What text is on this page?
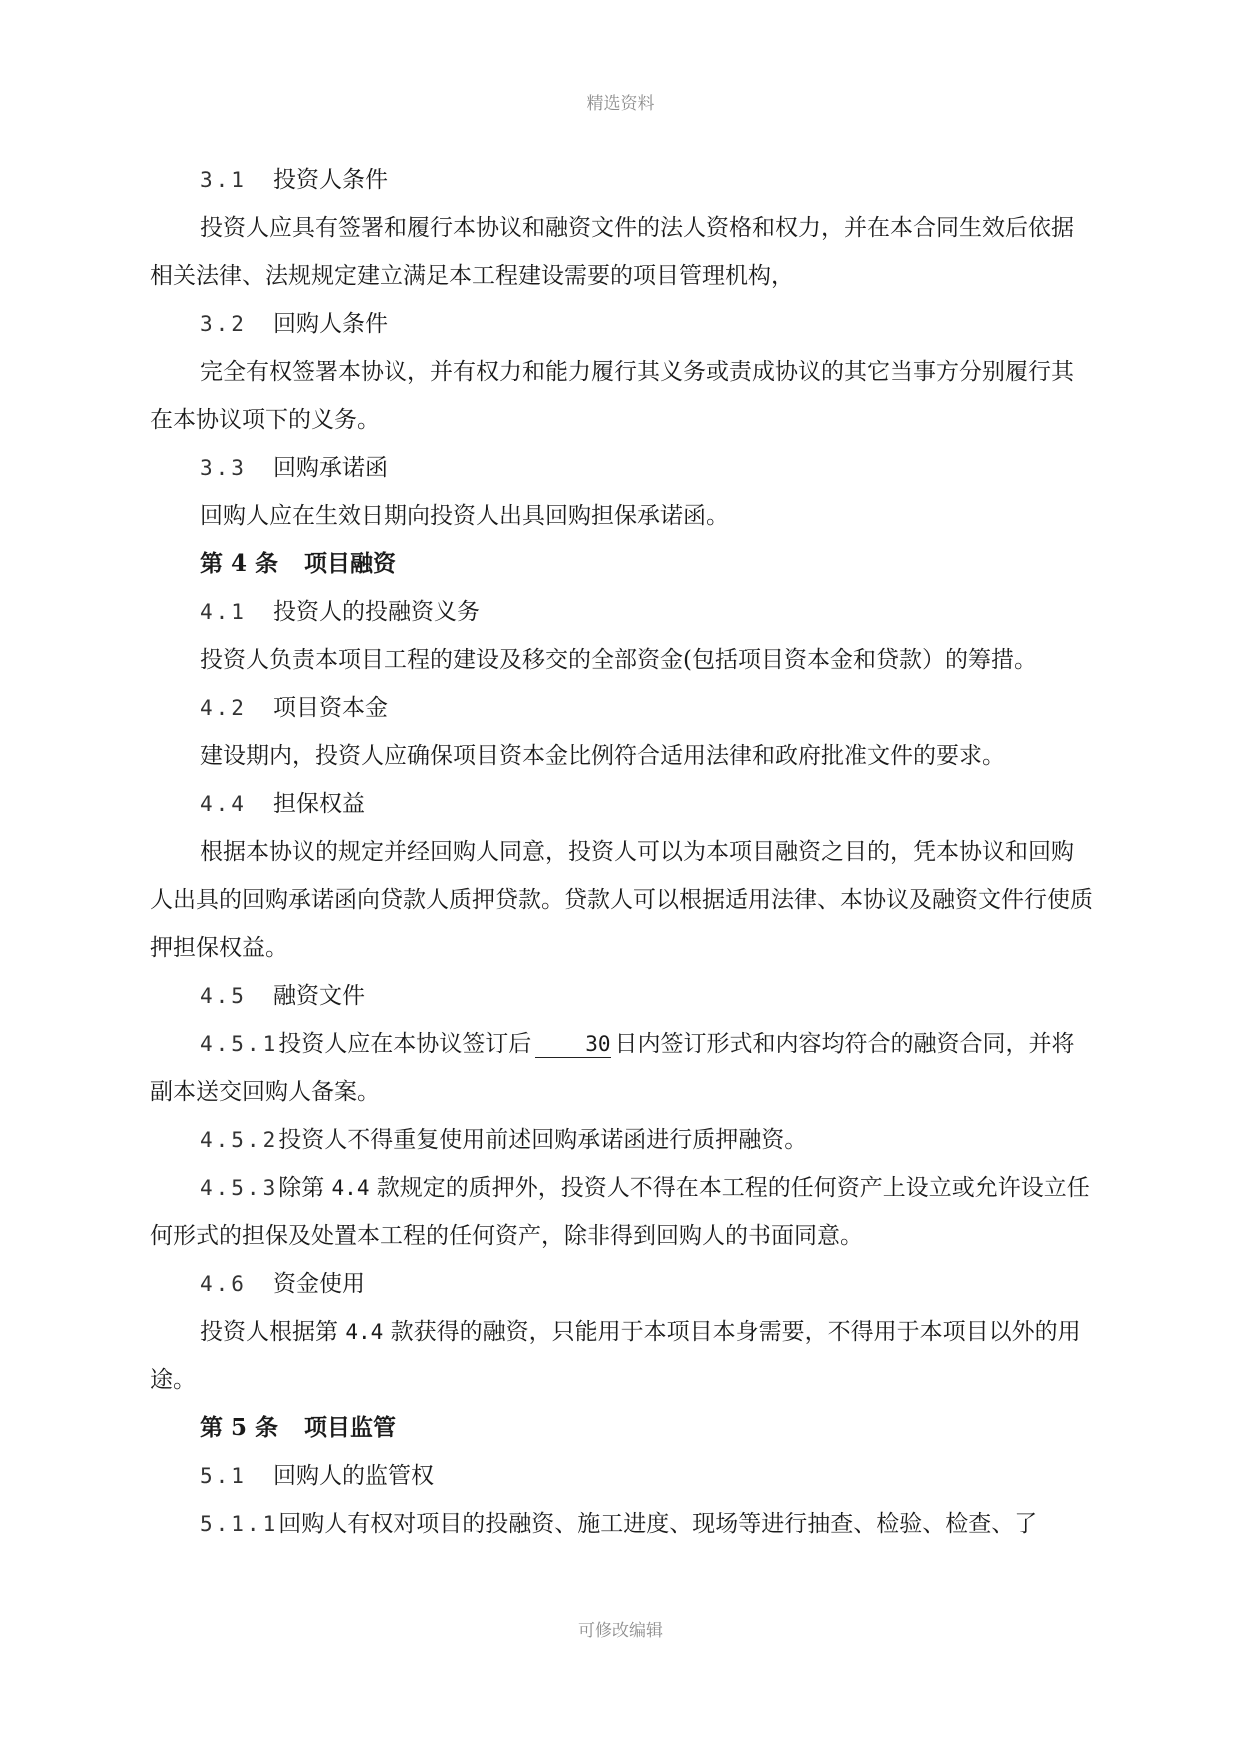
精选资料

3.1 投资人条件

投资人应具有签署和履行本协议和融资文件的法人资格和权力，并在本合同生效后依据相关法律、法规规定建立满足本工程建设需要的项目管理机构，

3.2 回购人条件

完全有权签署本协议，并有权力和能力履行其义务或责成协议的其它当事方分别履行其在本协议项下的义务。

3.3 回购承诺函

回购人应在生效日期向投资人出具回购担保承诺函。

第 4 条 项目融资

4.1 投资人的投融资义务

投资人负责本项目工程的建设及移交的全部资金(包括项目资本金和贷款）的筹措。

4.2 项目资本金

建设期内，投资人应确保项目资本金比例符合适用法律和政府批准文件的要求。

4.4 担保权益

根据本协议的规定并经回购人同意，投资人可以为本项目融资之目的，凭本协议和回购人出具的回购承诺函向贷款人质押贷款。贷款人可以根据适用法律、本协议及融资文件行使质押担保权益。

4.5 融资文件

4.5.1投资人应在本协议签订后	30 日内签订形式和内容均符合的融资合同，并将副本送交回购人备案。

4.5.2投资人不得重复使用前述回购承诺函进行质押融资。

4.5.3除第 4.4 款规定的质押外，投资人不得在本工程的任何资产上设立或允许设立任何形式的担保及处置本工程的任何资产，除非得到回购人的书面同意。

4.6 资金使用

投资人根据第 4.4 款获得的融资，只能用于本项目本身需要，不得用于本项目以外的用途。

第 5 条 项目监管

5.1 回购人的监管权

5.1.1回购人有权对项目的投融资、施工进度、现场等进行抽查、检验、检查、了

可修改编辑
